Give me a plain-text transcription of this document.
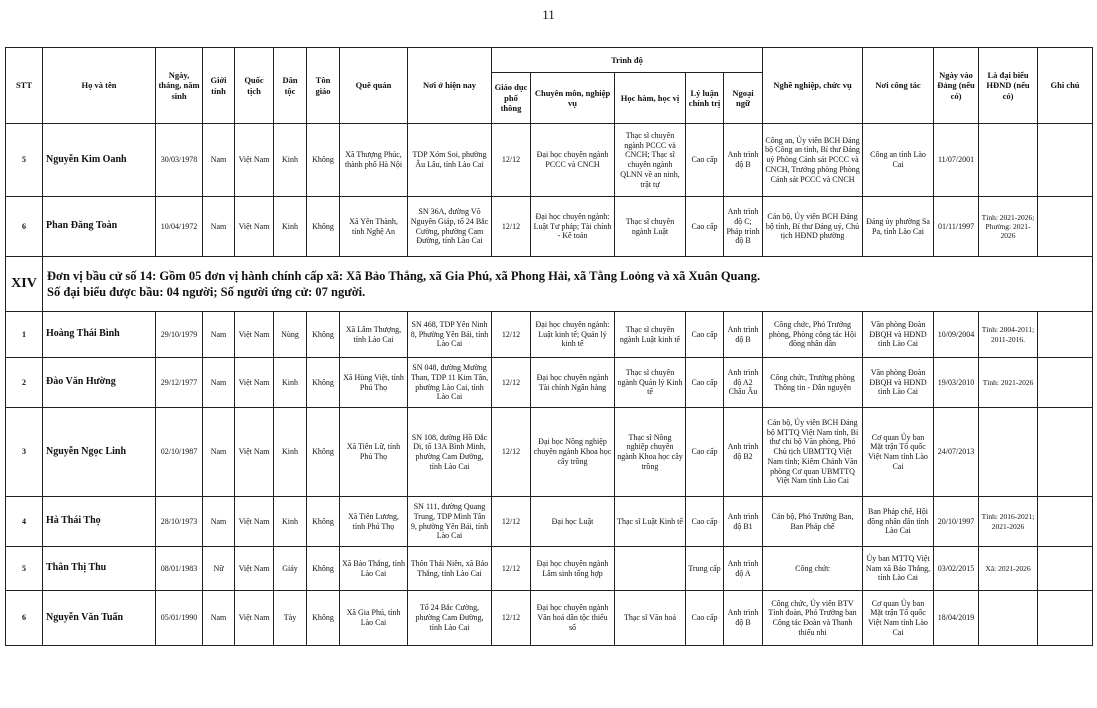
11
STT	Họ và tên	Ngày, tháng, năm sinh	Giới tính	Quốc tịch	Dân tộc	Tôn giáo	Quê quán	Nơi ở hiện nay	Trình độ					Nghề nghiệp, chức vụ	Nơi công tác	Ngày vào Đảng (nếu có)	Là đại biểu HĐND (nếu có)	Ghi chú
									Giáo dục phổ thông	Chuyên môn, nghiệp vụ	Học hàm, học vị	Lý luận chính trị	Ngoại ngữ					
5	Nguyễn Kim Oanh	30/03/1978	Nam	Việt Nam	Kinh	Không	Xã Thượng Phúc, thành phố Hà Nội	TDP Xóm Soi, phường Âu Lâu, tỉnh Lào Cai	12/12	Đại học chuyên ngành PCCC và CNCH	Thạc sĩ chuyên ngành PCCC và CNCH; Thạc sĩ chuyên ngành QLNN về an ninh, trật tự	Cao cấp	Anh trình độ B	Công an, Ủy viên BCH Đảng bộ Công an tỉnh, Bí thư Đảng uỷ Phòng Cảnh sát PCCC và CNCH, Trưởng phòng Phòng Cảnh sát PCCC và CNCH	Công an tỉnh Lào Cai	11/07/2001		
6	Phan Đăng Toàn	10/04/1972	Nam	Việt Nam	Kinh	Không	Xã Yên Thành, tỉnh Nghệ An	SN 36A, đường Võ Nguyên Giáp, tổ 24 Bắc Cường, phường Cam Đường, tỉnh Lào Cai	12/12	Đại học chuyên ngành: Luật Tư pháp; Tài chính - Kế toán	Thạc sĩ chuyên ngành Luật	Cao cấp	Anh trình độ C; Pháp trình độ B	Cán bộ, Ủy viên BCH Đảng bộ tỉnh, Bí thư Đảng uỷ, Chủ tịch HĐND phường	Đảng ủy phường Sa Pa, tỉnh Lào Cai	01/11/1997	Tỉnh: 2021-2026; Phường: 2021-2026	
XIV	Đơn vị bầu cử số 14: Gồm 05 đơn vị hành chính cấp xã: Xã Bảo Thắng, xã Gia Phú, xã Phong Hải, xã Tằng Loỏng và xã Xuân Quang.
Số đại biểu được bầu: 04 người; Số người ứng cử: 07 người.																	

1	Hoàng Thái Bình	29/10/1979	Nam	Việt Nam	Nùng	Không	Xã Lâm Thượng, tỉnh Lào Cai	SN 468, TDP Yên Ninh 8, Phường Yên Bái, tỉnh Lào Cai	12/12	Đại học chuyên ngành: Luật kinh tế; Quản lý kinh tế	Thạc sĩ chuyên ngành Luật kinh tế	Cao cấp	Anh trình độ B	Công chức, Phó Trưởng phòng, Phòng công tác Hội đồng nhân dân	Văn phòng Đoàn ĐBQH và HĐND tỉnh Lào Cai	10/09/2004	Tỉnh: 2004-2011; 2011-2016.	
2	Đào Văn Hường	29/12/1977	Nam	Việt Nam	Kinh	Không	Xã Hùng Việt, tỉnh Phú Thọ	SN 048, đường Mường Than, TDP 11 Kim Tân, phường Lào Cai, tỉnh Lào Cai	12/12	Đại học chuyên ngành Tài chính Ngân hàng	Thạc sĩ chuyên ngành Quản lý Kinh tế	Cao cấp	Anh trình độ A2 Châu Âu	Công chức, Trưởng phòng Thông tin - Dân nguyện	Văn phòng Đoàn ĐBQH và HĐND tỉnh Lào Cai	19/03/2010	Tỉnh: 2021-2026	
3	Nguyễn Ngọc Linh	02/10/1987	Nam	Việt Nam	Kinh	Không	Xã Tiên Lữ, tỉnh Phú Thọ	SN 108, đường Hồ Đắc Di, tổ 13A Bình Minh, phường Cam Đường, tỉnh Lào Cai	12/12	Đại học Nông nghiệp chuyên ngành Khoa học cây trồng	Thạc sĩ Nông nghiệp chuyên ngành Khoa học cây trồng	Cao cấp	Anh trình độ B2	Cán bộ, Ủy viên BCH Đảng bộ MTTQ Việt Nam tỉnh, Bí thư chi bộ Văn phòng, Phó Chủ tịch UBMTTQ Việt Nam tỉnh; Kiêm Chánh Văn phòng Cơ quan UBMTTQ Việt Nam tỉnh Lào Cai	Cơ quan Ủy ban Mặt trận Tổ quốc Việt Nam tỉnh Lào Cai	24/07/2013		
4	Hà Thái Thọ	28/10/1973	Nam	Việt Nam	Kinh	Không	Xã Tiên Lương, tỉnh Phú Thọ	SN 111, đường Quang Trung, TDP Minh Tân 9, phường Yên Bái, tỉnh Lào Cai	12/12	Đại học Luật	Thạc sĩ Luật Kinh tế	Cao cấp	Anh trình độ B1	Cán bộ, Phó Trưởng Ban, Ban Pháp chế	Ban Pháp chế, Hội đồng nhân dân tỉnh Lào Cai	20/10/1997	Tỉnh: 2016-2021; 2021-2026	
5	Thân Thị Thu	08/01/1983	Nữ	Việt Nam	Giáy	Không	Xã Bảo Thắng, tỉnh Lào Cai	Thôn Thái Niên, xã Bảo Thắng, tỉnh Lào Cai	12/12	Đại học chuyên ngành Lâm sinh tổng hợp		Trung cấp	Anh trình độ A	Công chức	Ủy ban MTTQ Việt Nam xã Bảo Thắng, tỉnh Lào Cai	03/02/2015	Xã: 2021-2026	
6	Nguyễn Văn Tuấn	05/01/1990	Nam	Việt Nam	Tày	Không	Xã Gia Phú, tỉnh Lào Cai	Tổ 24 Bắc Cường, phường Cam Đường, tỉnh Lào Cai	12/12	Đại học chuyên ngành Văn hoá dân tộc thiểu số	Thạc sĩ Văn hoá	Cao cấp	Anh trình độ B	Công chức, Ủy viên BTV Tỉnh đoàn, Phó Trưởng ban Công tác Đoàn và Thanh thiếu nhi	Cơ quan Ủy ban Mặt trận Tổ quốc Việt Nam tỉnh Lào Cai	18/04/2019		
